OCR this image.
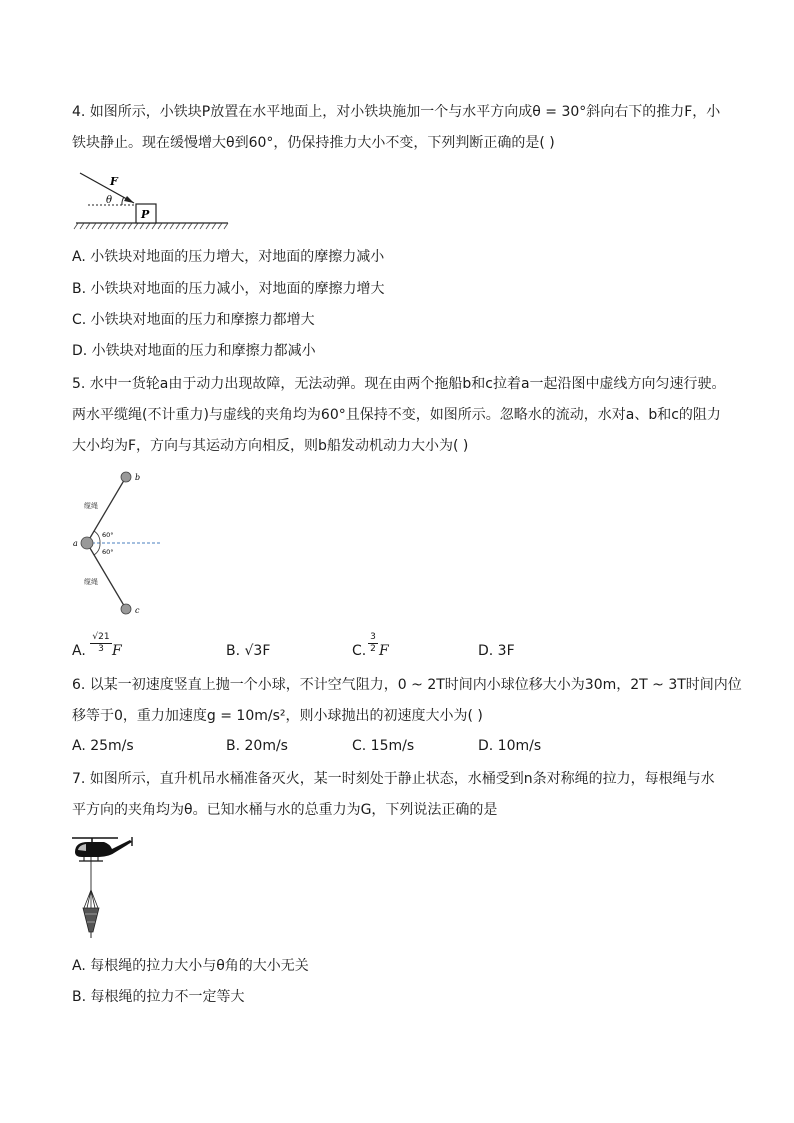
4. 如图所示，小铁块P放置在水平地面上，对小铁块施加一个与水平方向成θ = 30°斜向右下的推力F，小
铁块静止。现在缓慢增大θ到60°，仍保持推力大小不变，下列判断正确的是( )
P
F
θ
A. 小铁块对地面的压力增大，对地面的摩擦力减小
B. 小铁块对地面的压力减小，对地面的摩擦力增大
C. 小铁块对地面的压力和摩擦力都增大
D. 小铁块对地面的压力和摩擦力都减小
5. 水中一货轮a由于动力出现故障，无法动弹。现在由两个拖船b和c拉着a一起沿图中虚线方向匀速行驶。
两水平缆绳(不计重力)与虚线的夹角均为60°且保持不变，如图所示。忽略水的流动，水对a、b和c的阻力
大小均为F，方向与其运动方向相反，则b船发动机动力大小为( )
b
c
a
缆绳
缆绳
60°
60°
A.
√21
3 F	B. √3F	C.
3
2 F	D. 3F
6. 以某一初速度竖直上抛一个小球，不计空气阻力，0 ~ 2T时间内小球位移大小为30m，2T ~ 3T时间内位
移等于0，重力加速度g = 10m/s²，则小球抛出的初速度大小为( )
A. 25m/s	B. 20m/s	C. 15m/s	D. 10m/s
7. 如图所示，直升机吊水桶准备灭火，某一时刻处于静止状态，水桶受到n条对称绳的拉力，每根绳与水
平方向的夹角均为θ。已知水桶与水的总重力为G，下列说法正确的是
A. 每根绳的拉力大小与θ角的大小无关
B. 每根绳的拉力不一定等大
